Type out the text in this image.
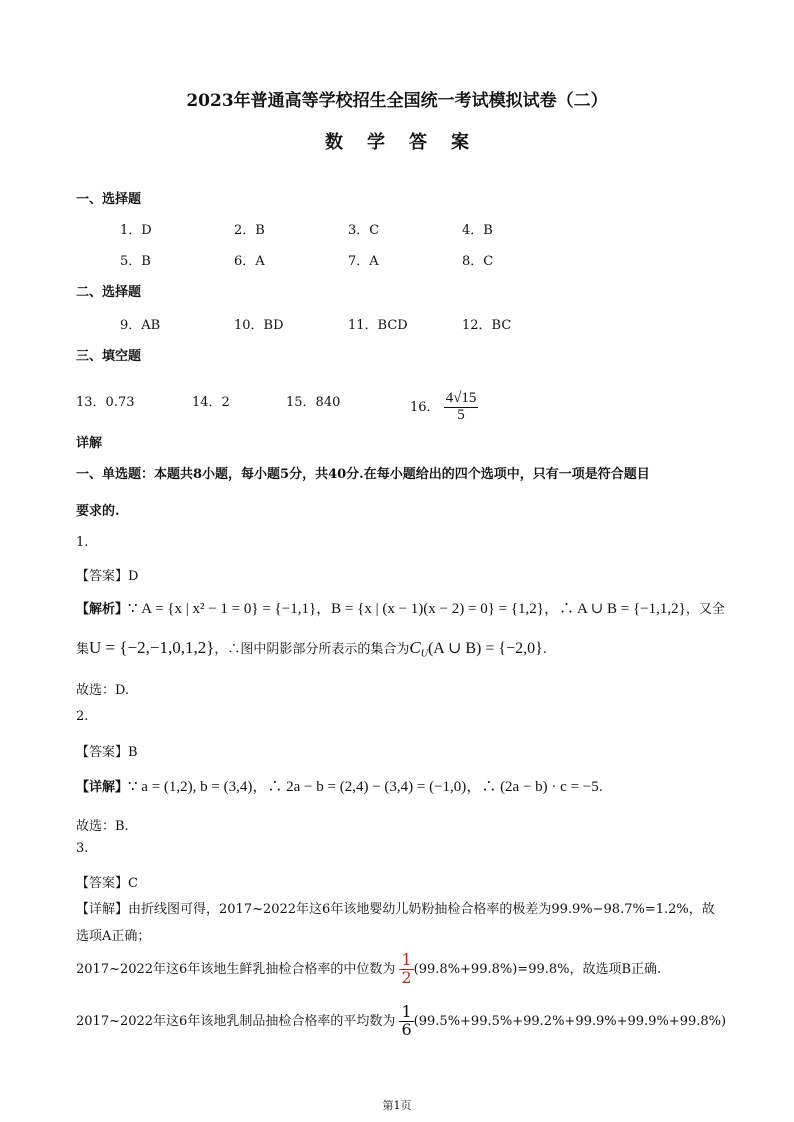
2023年普通高等学校招生全国统一考试模拟试卷（二）
数学答案
一、选择题
1．D	2．B	3．C	4．B
5．B	6．A	7．A	8．C
二、选择题
9．AB	10．BD	11．BCD	12．BC
三、填空题
13．0.73	14．2	15．840	16． $\frac{4√15}{5}$
详解
一、单选题：本题共8小题，每小题5分，共40分.在每小题给出的四个选项中，只有一项是符合题目
要求的.
1.
【答案】D
【解析】∵ A = {x | x² − 1 = 0} = {−1,1}，B = {x | (x − 1)(x − 2) = 0} = {1,2}，∴ A ∪ B = {−1,1,2}，又全
集U = {−2,−1,0,1,2}，∴图中阴影部分所表示的集合为$C_U(A$ ∪ B) = {−2,0}.
故选：D.
2.
【答案】B
【详解】∵ a = (1,2), b = (3,4)，∴ 2a − b = (2,4) − (3,4) = (−1,0)，∴ (2a − b) · c = −5.
故选：B.
3.
【答案】C
【详解】由折线图可得，2017~2022年这6年该地婴幼儿奶粉抽检合格率的极差为99.9%−98.7%=1.2%，故
选项A正确；
2017~2022年这6年该地生鲜乳抽检合格率的中位数为 $\frac{1}{2} (99.8\%+99.8\%)=99.8\%$，故选项B正确.
2017~2022年这6年该地乳制品抽检合格率的平均数为 $\frac{1}{6} (99.5\%+99.5\%+99.2\%+99.9\%+99.9\%+99.8\%)$
第1页
